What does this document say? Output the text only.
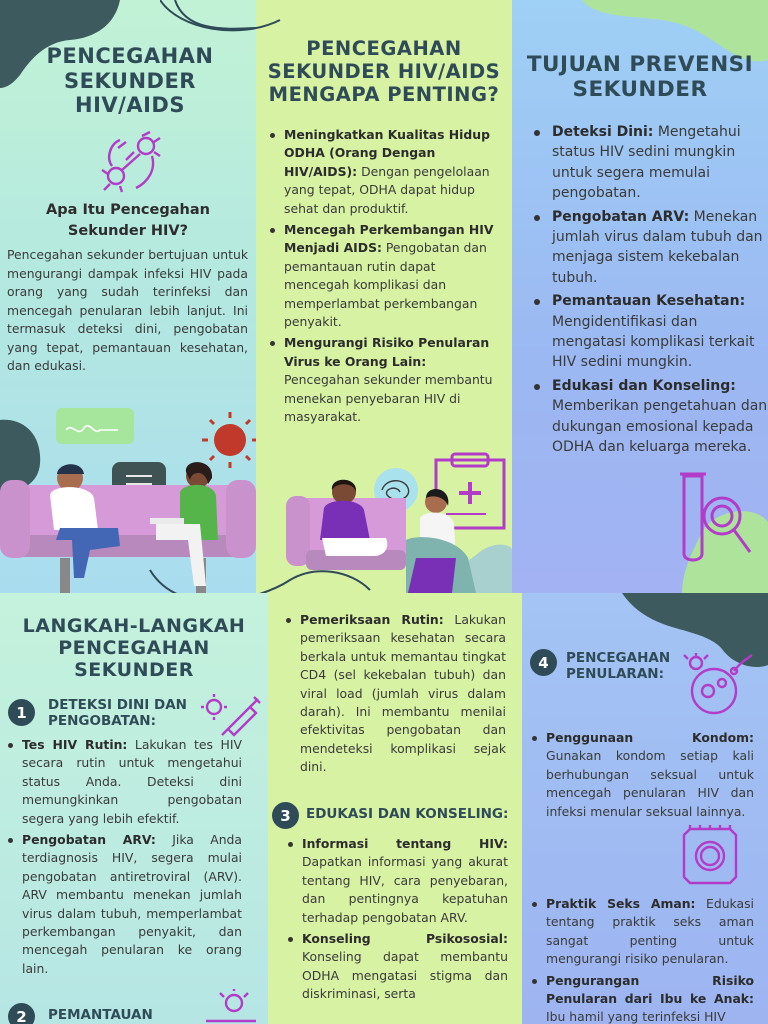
PENCEGAHAN SEKUNDER HIV/AIDS
Apa Itu Pencegahan Sekunder HIV?
Pencegahan sekunder bertujuan untuk mengurangi dampak infeksi HIV pada orang yang sudah terinfeksi dan mencegah penularan lebih lanjut. Ini termasuk deteksi dini, pengobatan yang tepat, pemantauan kesehatan, dan edukasi.
PENCEGAHAN SEKUNDER HIV/AIDS MENGAPA PENTING?
Meningkatkan Kualitas Hidup ODHA (Orang Dengan HIV/AIDS): Dengan pengelolaan yang tepat, ODHA dapat hidup sehat dan produktif.
Mencegah Perkembangan HIV Menjadi AIDS: Pengobatan dan pemantauan rutin dapat mencegah komplikasi dan memperlambat perkembangan penyakit.
Mengurangi Risiko Penularan Virus ke Orang Lain: Pencegahan sekunder membantu menekan penyebaran HIV di masyarakat.
TUJUAN PREVENSI SEKUNDER
Deteksi Dini: Mengetahui status HIV sedini mungkin untuk segera memulai pengobatan.
Pengobatan ARV: Menekan jumlah virus dalam tubuh dan menjaga sistem kekebalan tubuh.
Pemantauan Kesehatan: Mengidentifikasi dan mengatasi komplikasi terkait HIV sedini mungkin.
Edukasi dan Konseling: Memberikan pengetahuan dan dukungan emosional kepada ODHA dan keluarga mereka.
LANGKAH-LANGKAH PENCEGAHAN SEKUNDER
1	DETEKSI DINI DAN PENGOBATAN:
Tes HIV Rutin: Lakukan tes HIV secara rutin untuk mengetahui status Anda. Deteksi dini memungkinkan pengobatan segera yang lebih efektif.
Pengobatan ARV: Jika Anda terdiagnosis HIV, segera mulai pengobatan antiretroviral (ARV). ARV membantu menekan jumlah virus dalam tubuh, memperlambat perkembangan penyakit, dan mencegah penularan ke orang lain.
2	PEMANTAUAN
Pemeriksaan Rutin: Lakukan pemeriksaan kesehatan secara berkala untuk memantau tingkat CD4 (sel kekebalan tubuh) dan viral load (jumlah virus dalam darah). Ini membantu menilai efektivitas pengobatan dan mendeteksi komplikasi sejak dini.
3	EDUKASI DAN KONSELING:
Informasi tentang HIV: Dapatkan informasi yang akurat tentang HIV, cara penyebaran, dan pentingnya kepatuhan terhadap pengobatan ARV.
Konseling Psikososial: Konseling dapat membantu ODHA mengatasi stigma dan diskriminasi, serta
4	PENCEGAHAN PENULARAN:
Penggunaan Kondom: Gunakan kondom setiap kali berhubungan seksual untuk mencegah penularan HIV dan infeksi menular seksual lainnya.
Praktik Seks Aman: Edukasi tentang praktik seks aman sangat penting untuk mengurangi risiko penularan.
Pengurangan Risiko Penularan dari Ibu ke Anak: Ibu hamil yang terinfeksi HIV
